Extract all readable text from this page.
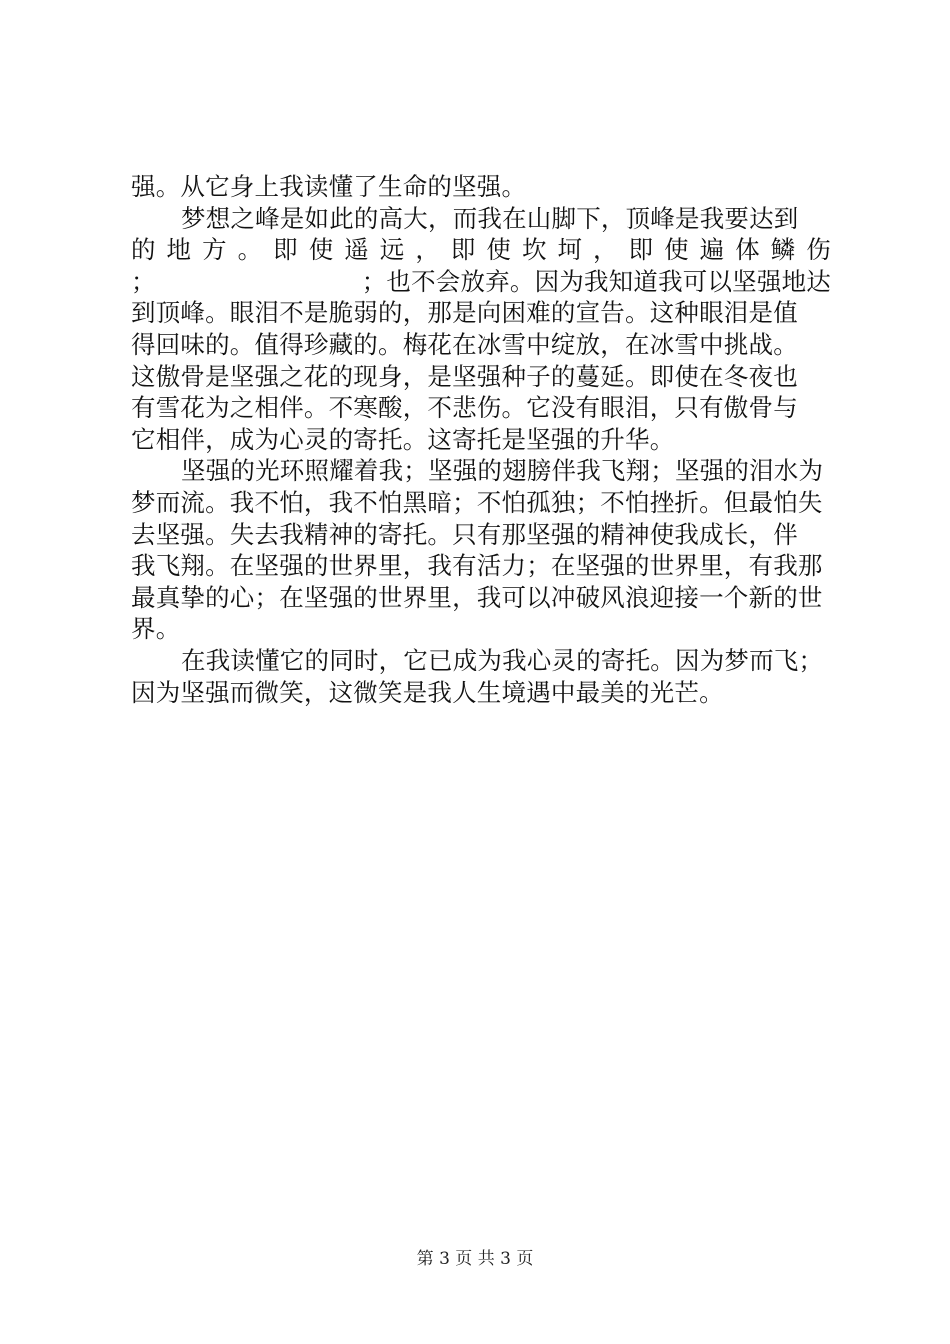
强。从它身上我读懂了生命的坚强。
梦想之峰是如此的高大，而我在山脚下，顶峰是我要达到
的 地 方 。 即 使 遥 远 ， 即 使 坎 坷 ， 即 使 遍 体 鳞 伤
；	；也不会放弃。因为我知道我可以坚强地达
到顶峰。眼泪不是脆弱的，那是向困难的宣告。这种眼泪是值
得回味的。值得珍藏的。梅花在冰雪中绽放，在冰雪中挑战。
这傲骨是坚强之花的现身，是坚强种子的蔓延。即使在冬夜也
有雪花为之相伴。不寒酸，不悲伤。它没有眼泪，只有傲骨与
它相伴，成为心灵的寄托。这寄托是坚强的升华。
坚强的光环照耀着我；坚强的翅膀伴我飞翔；坚强的泪水为
梦而流。我不怕，我不怕黑暗；不怕孤独；不怕挫折。但最怕失
去坚强。失去我精神的寄托。只有那坚强的精神使我成长，伴
我飞翔。在坚强的世界里，我有活力；在坚强的世界里，有我那
最真挚的心；在坚强的世界里，我可以冲破风浪迎接一个新的世
界。
在我读懂它的同时，它已成为我心灵的寄托。因为梦而飞；
因为坚强而微笑，这微笑是我人生境遇中最美的光芒。
第 3 页 共 3 页
